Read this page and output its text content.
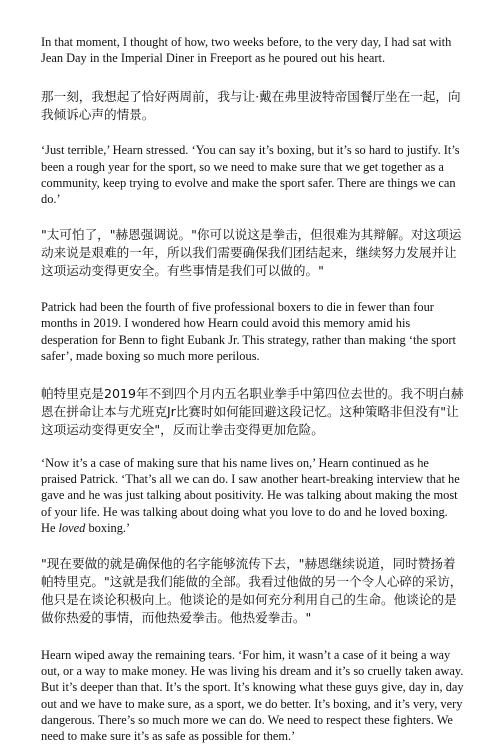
In that moment, I thought of how, two weeks before, to the very day, I had sat with Jean Day in the Imperial Diner in Freeport as he poured out his heart.

那一刻，我想起了恰好两周前，我与让·戴在弗里波特帝国餐厅坐在一起，向我倾诉心声的情景。

‘Just terrible,’ Hearn stressed. ‘You can say it’s boxing, but it’s so hard to justify. It’s been a rough year for the sport, so we need to make sure that we get together as a community, keep trying to evolve and make the sport safer. There are things we can do.’

"太可怕了，"赫恩强调说。"你可以说这是拳击，但很难为其辩解。对这项运动来说是艰难的一年，所以我们需要确保我们团结起来，继续努力发展并让这项运动变得更安全。有些事情是我们可以做的。"

Patrick had been the fourth of five professional boxers to die in fewer than four months in 2019. I wondered how Hearn could avoid this memory amid his desperation for Benn to fight Eubank Jr. This strategy, rather than making ‘the sport safer’, made boxing so much more perilous.

帕特里克是2019年不到四个月内五名职业拳手中第四位去世的。我不明白赫恩在拼命让本与尤班克Jr比赛时如何能回避这段记忆。这种策略非但没有"让这项运动变得更安全"，反而让拳击变得更加危险。

‘Now it’s a case of making sure that his name lives on,’ Hearn continued as he praised Patrick. ‘That’s all we can do. I saw another heart-breaking interview that he gave and he was just talking about positivity. He was talking about making the most of your life. He was talking about doing what you love to do and he loved boxing. He loved boxing.’

"现在要做的就是确保他的名字能够流传下去，"赫恩继续说道，同时赞扬着帕特里克。"这就是我们能做的全部。我看过他做的另一个令人心碎的采访，他只是在谈论积极向上。他谈论的是如何充分利用自己的生命。他谈论的是做你热爱的事情，而他热爱拳击。他热爱拳击。"

Hearn wiped away the remaining tears. ‘For him, it wasn’t a case of it being a way out, or a way to make money. He was living his dream and it’s so cruelly taken away. But it’s deeper than that. It’s the sport. It’s knowing what these guys give, day in, day out and we have to make sure, as a sport, we do better. It’s boxing, and it’s very, very dangerous. There’s so much more we can do. We need to respect these fighters. We need to make sure it’s as safe as possible for them.’
